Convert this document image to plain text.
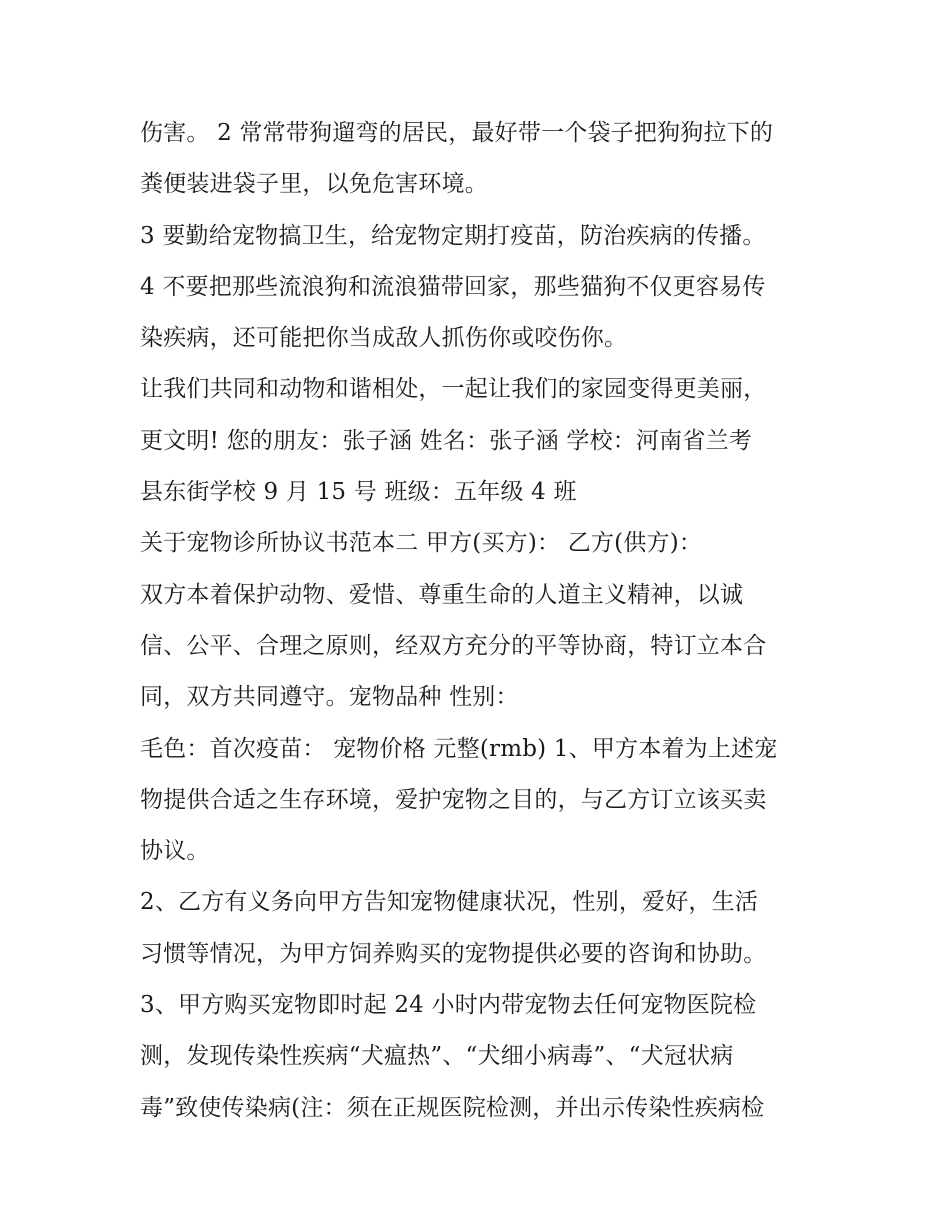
伤害。 2 常常带狗遛弯的居民，最好带一个袋子把狗狗拉下的
粪便装进袋子里，以免危害环境。
3 要勤给宠物搞卫生，给宠物定期打疫苗，防治疾病的传播。
4 不要把那些流浪狗和流浪猫带回家，那些猫狗不仅更容易传
染疾病，还可能把你当成敌人抓伤你或咬伤你。
让我们共同和动物和谐相处，一起让我们的家园变得更美丽，
更文明! 您的朋友：张子涵 姓名：张子涵 学校：河南省兰考
县东街学校 9 月 15 号 班级：五年级 4 班
关于宠物诊所协议书范本二 甲方(买方)： 乙方(供方)：
双方本着保护动物、爱惜、尊重生命的人道主义精神，以诚
信、公平、合理之原则，经双方充分的平等协商，特订立本合
同，双方共同遵守。宠物品种 性别：
毛色：首次疫苗： 宠物价格 元整(rmb) 1、甲方本着为上述宠
物提供合适之生存环境，爱护宠物之目的，与乙方订立该买卖
协议。
2、乙方有义务向甲方告知宠物健康状况，性别，爱好，生活
习惯等情况，为甲方饲养购买的宠物提供必要的咨询和协助。
3、甲方购买宠物即时起 24 小时内带宠物去任何宠物医院检
测，发现传染性疾病“犬瘟热”、“犬细小病毒”、“犬冠状病
毒”致使传染病(注：须在正规医院检测，并出示传染性疾病检
